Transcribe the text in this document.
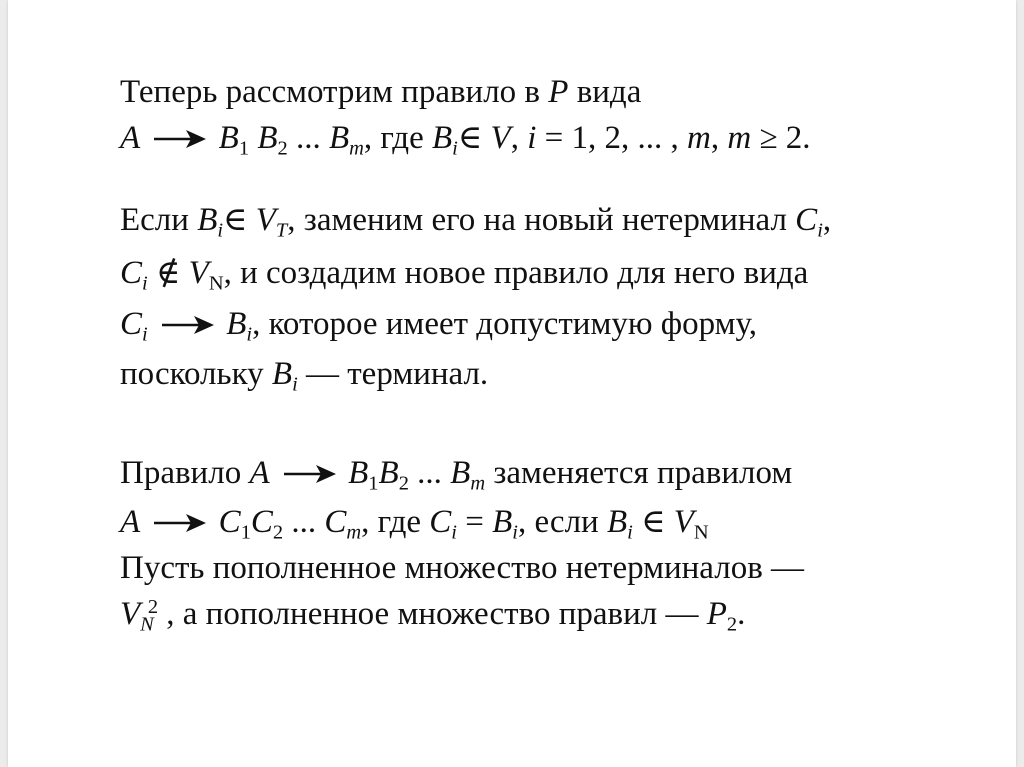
Теперь рассмотрим правило в P вида
A $B_1$ $B_2$ ... $B_m$, где $B_i\in$ V, i = 1, 2, ... , m, m ≥ 2.
Если $B_i\in$ $V_T$, заменим его на новый нетерминал $C_i$,
$C_i$ ∉ $V_N$, и создадим новое правило для него вида
$C_i$ $B_i$, которое имеет допустимую форму,
поскольку $B_i$ — терминал.
Правило A $B_1B_2$ ... $B_m$ заменяется правилом
A $C_1C_2$ ... $C_m$, где $C_i = B_i$, если $B_i$ ∈ $V_N$
Пусть пополненное множество нетерминалов —
$V_N^2$ , а пополненное множество правил — $P_2$.
